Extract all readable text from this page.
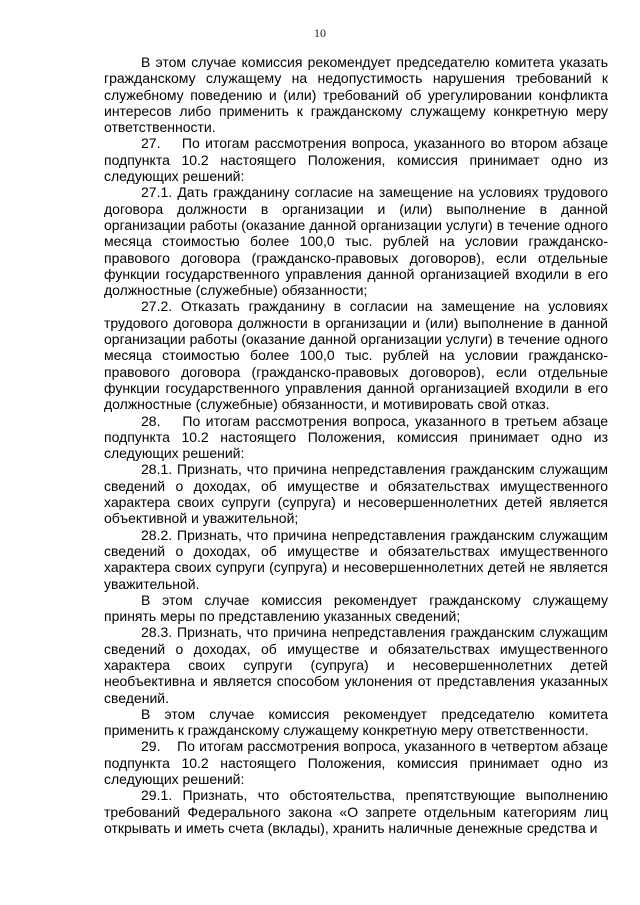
10

В этом случае комиссия рекомендует председателю комитета указать гражданскому служащему на недопустимость нарушения требований к служебному поведению и (или) требований об урегулировании конфликта интересов либо применить к гражданскому служащему конкретную меру ответственности.

27.    По итогам рассмотрения вопроса, указанного во втором абзаце подпункта 10.2 настоящего Положения, комиссия принимает одно из следующих решений:

27.1. Дать гражданину согласие на замещение на условиях трудового договора должности в организации и (или) выполнение в данной организации работы (оказание данной организации услуги) в течение одного месяца стоимостью более 100,0 тыс. рублей на условии гражданско-правового договора (гражданско-правовых договоров), если отдельные функции государственного управления данной организацией входили в его должностные (служебные) обязанности;

27.2. Отказать гражданину в согласии на замещение на условиях трудового договора должности в организации и (или) выполнение в данной организации работы (оказание данной организации услуги) в течение одного месяца стоимостью более 100,0 тыс. рублей на условии гражданско-правового договора (гражданско-правовых договоров), если отдельные функции государственного управления данной организацией входили в его должностные (служебные) обязанности, и мотивировать свой отказ.

28.    По итогам рассмотрения вопроса, указанного в третьем абзаце подпункта 10.2 настоящего Положения, комиссия принимает одно из следующих решений:

28.1. Признать, что причина непредставления гражданским служащим сведений о доходах, об имуществе и обязательствах имущественного характера своих супруги (супруга) и несовершеннолетних детей является объективной и уважительной;

28.2. Признать, что причина непредставления гражданским служащим сведений о доходах, об имуществе и обязательствах имущественного характера своих супруги (супруга) и несовершеннолетних детей не является уважительной.

В этом случае комиссия рекомендует гражданскому служащему принять меры по представлению указанных сведений;

28.3. Признать, что причина непредставления гражданским служащим сведений о доходах, об имуществе и обязательствах имущественного характера своих супруги (супруга) и несовершеннолетних детей необъективна и является способом уклонения от представления указанных сведений.

В этом случае комиссия рекомендует председателю комитета применить к гражданскому служащему конкретную меру ответственности.

29.    По итогам рассмотрения вопроса, указанного в четвертом абзаце подпункта 10.2 настоящего Положения, комиссия принимает одно из следующих решений:

29.1. Признать, что обстоятельства, препятствующие выполнению требований Федерального закона «О запрете отдельным категориям лиц открывать и иметь счета (вклады), хранить наличные денежные средства и
